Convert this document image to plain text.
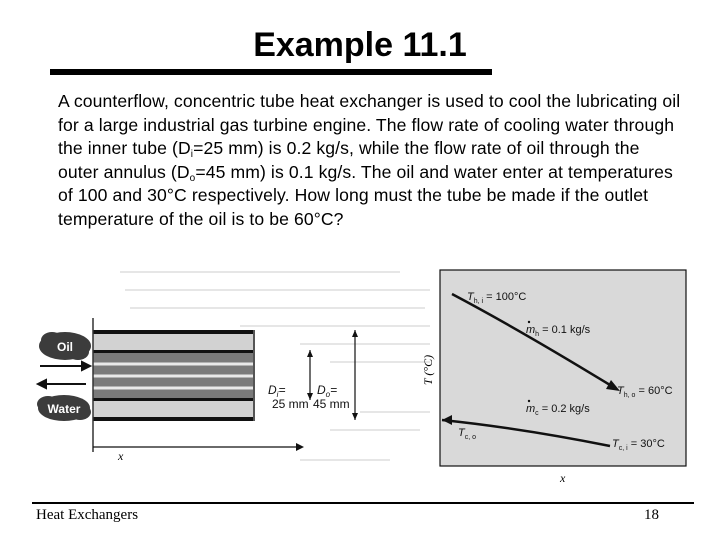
Example 11.1
A counterflow, concentric tube heat exchanger is used to cool the lubricating oil for a large industrial gas turbine engine. The flow rate of cooling water through the inner tube ($D_i=25$ mm) is 0.2 kg/s, while the flow rate of oil through the outer annulus ($D_o=45$ mm) is 0.1 kg/s. The oil and water enter at temperatures of 100 and 30°C respectively. How long must the tube be made if the outlet temperature of the oil is to be 60°C?
Oil
Water
$D_i=$
25 mm
$D_o=$
45 mm
x
T (°C)
x
$T_{h, i} = 100^\circ C$
$m_h = 0.1$ kg/s
$T_{h, o} = 60^\circ C$
$m_c = 0.2$ kg/s
$T_{c, o}$
$T_{c, i} = 30^\circ C$
Heat Exchangers	18
